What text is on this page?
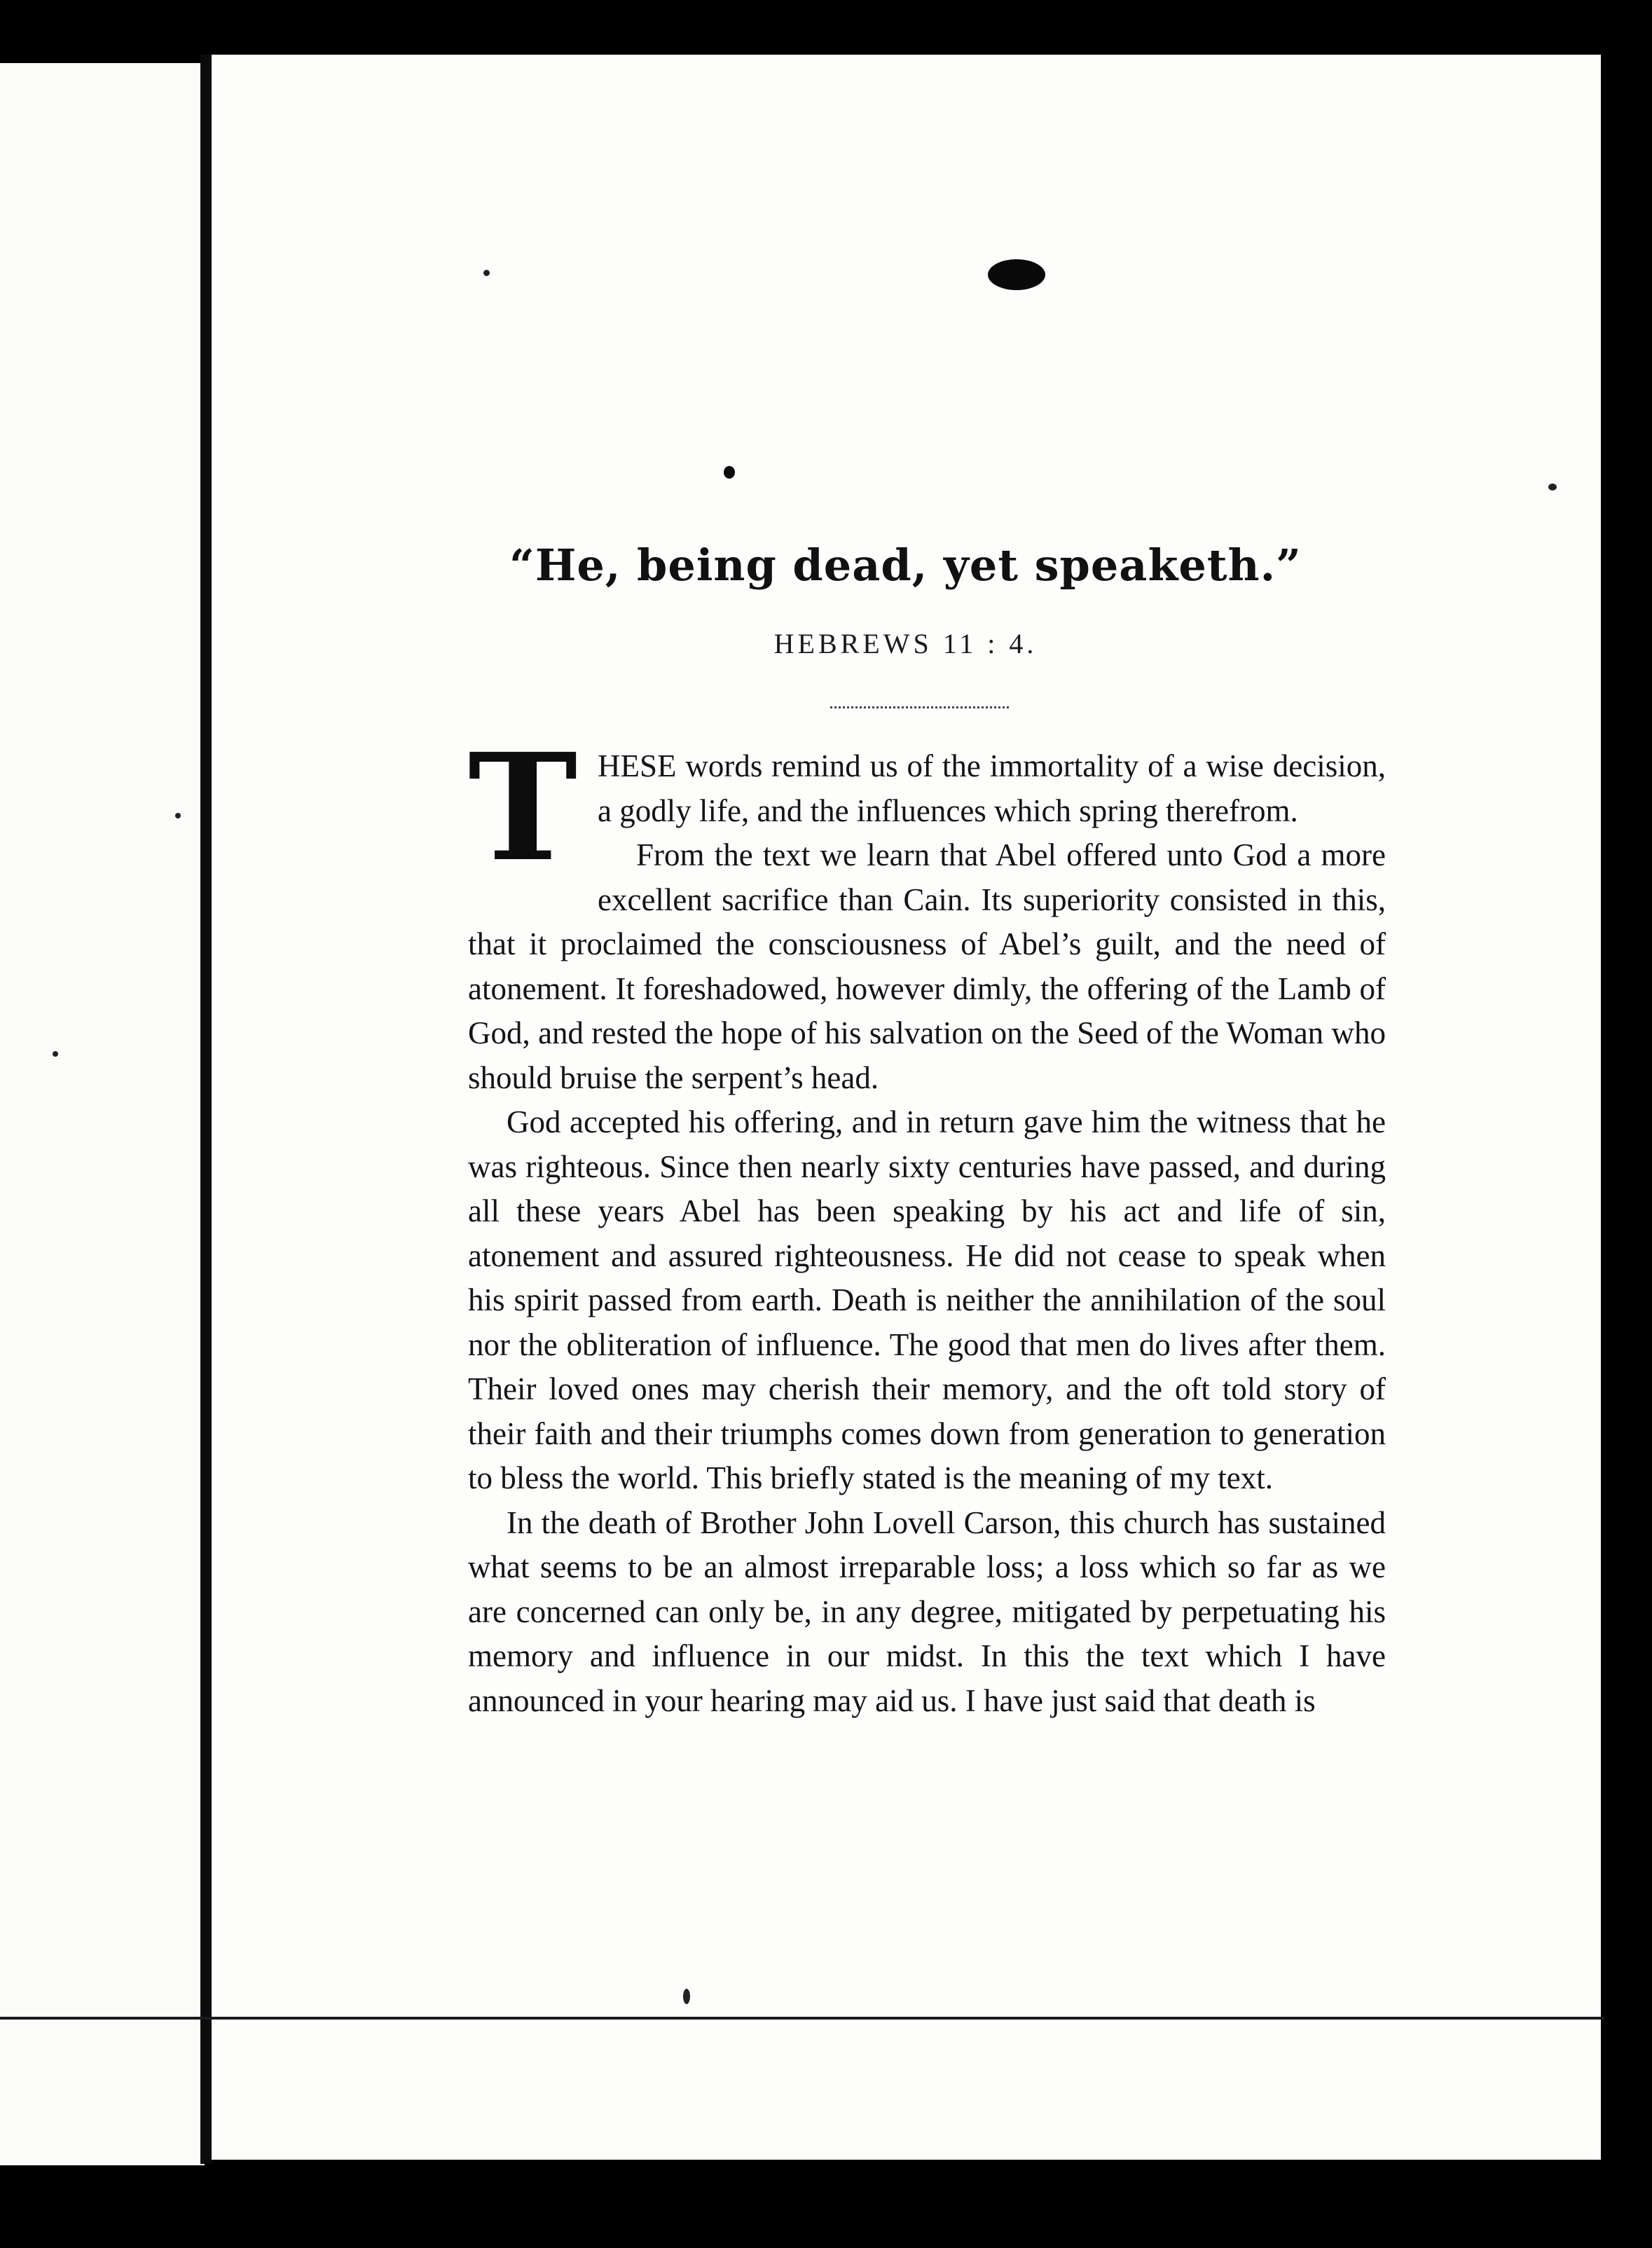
“He, being dead, yet speaketh.”
HEBREWS 11 : 4.

THESE words remind us of the immortality of a wise decision, a godly life, and the influences which spring therefrom.

From the text we learn that Abel offered unto God a more excellent sacrifice than Cain. Its superiority consisted in this, that it proclaimed the consciousness of Abel’s guilt, and the need of atonement. It foreshadowed, however dimly, the offering of the Lamb of God, and rested the hope of his salvation on the Seed of the Woman who should bruise the serpent’s head.

God accepted his offering, and in return gave him the witness that he was righteous. Since then nearly sixty centuries have passed, and during all these years Abel has been speaking by his act and life of sin, atonement and assured righteousness. He did not cease to speak when his spirit passed from earth. Death is neither the annihilation of the soul nor the obliteration of influence. The good that men do lives after them. Their loved ones may cherish their memory, and the oft told story of their faith and their triumphs comes down from generation to generation to bless the world. This briefly stated is the meaning of my text.

In the death of Brother John Lovell Carson, this church has sustained what seems to be an almost irreparable loss; a loss which so far as we are concerned can only be, in any degree, mitigated by perpetuating his memory and influence in our midst. In this the text which I have announced in your hearing may aid us. I have just said that death is
